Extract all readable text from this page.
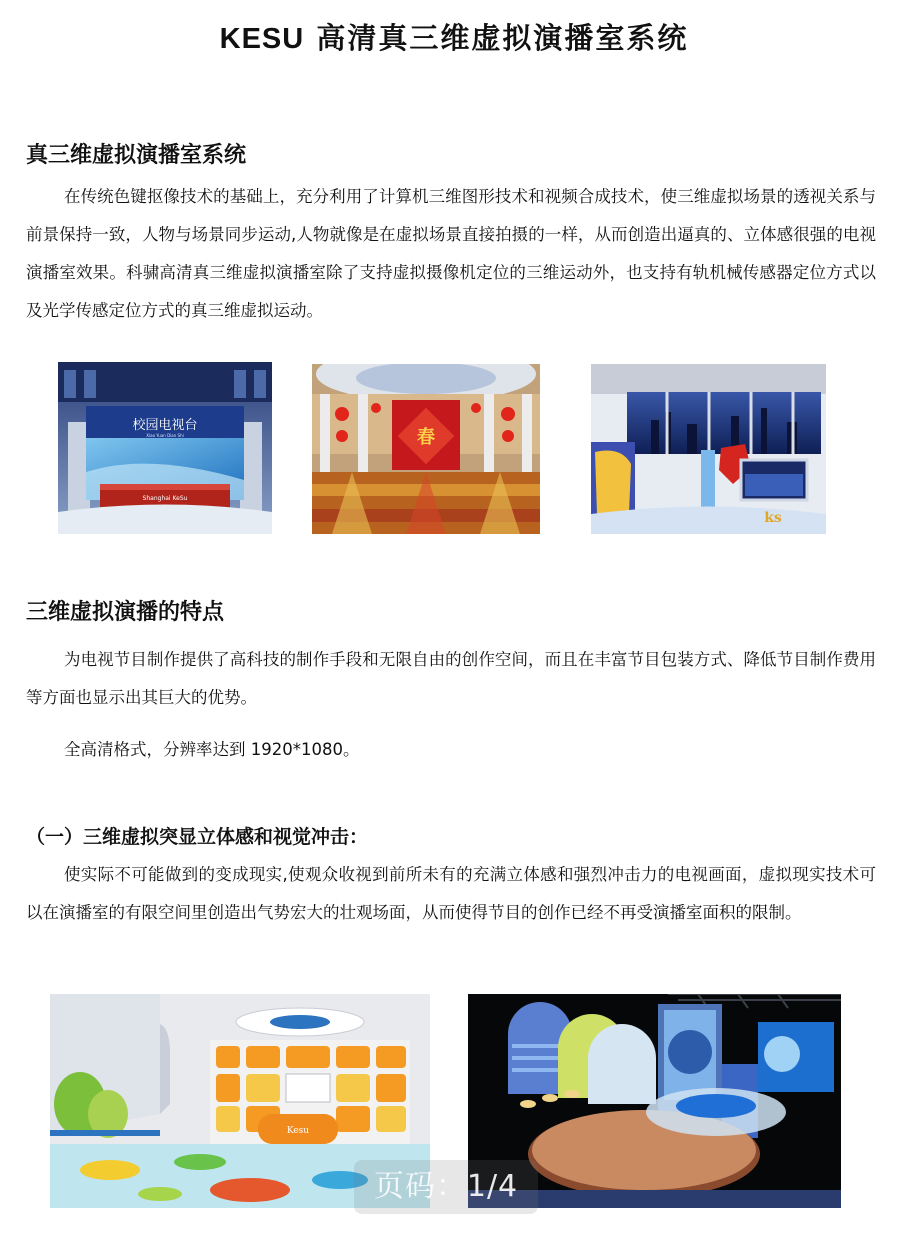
KESU 高清真三维虚拟演播室系统
真三维虚拟演播室系统
在传统色键抠像技术的基础上，充分利用了计算机三维图形技术和视频合成技术，使三维虚拟场景的透视关系与前景保持一致，人物与场景同步运动,人物就像是在虚拟场景直接拍摄的一样，从而创造出逼真的、立体感很强的电视演播室效果。科骕高清真三维虚拟演播室除了支持虚拟摄像机定位的三维运动外，也支持有轨机械传感器定位方式以及光学传感定位方式的真三维虚拟运动。
校园电视台
Xiao Yuan Dian Shi
Shanghai KeSu
春
ks
三维虚拟演播的特点
为电视节目制作提供了高科技的制作手段和无限自由的创作空间，而且在丰富节目包装方式、降低节目制作费用等方面也显示出其巨大的优势。
全高清格式，分辨率达到 1920*1080。
（一）三维虚拟突显立体感和视觉冲击：
使实际不可能做到的变成现实,使观众收视到前所未有的充满立体感和强烈冲击力的电视画面，虚拟现实技术可以在演播室的有限空间里创造出气势宏大的壮观场面，从而使得节目的创作已经不再受演播室面积的限制。
Kesu
页码：1/4
